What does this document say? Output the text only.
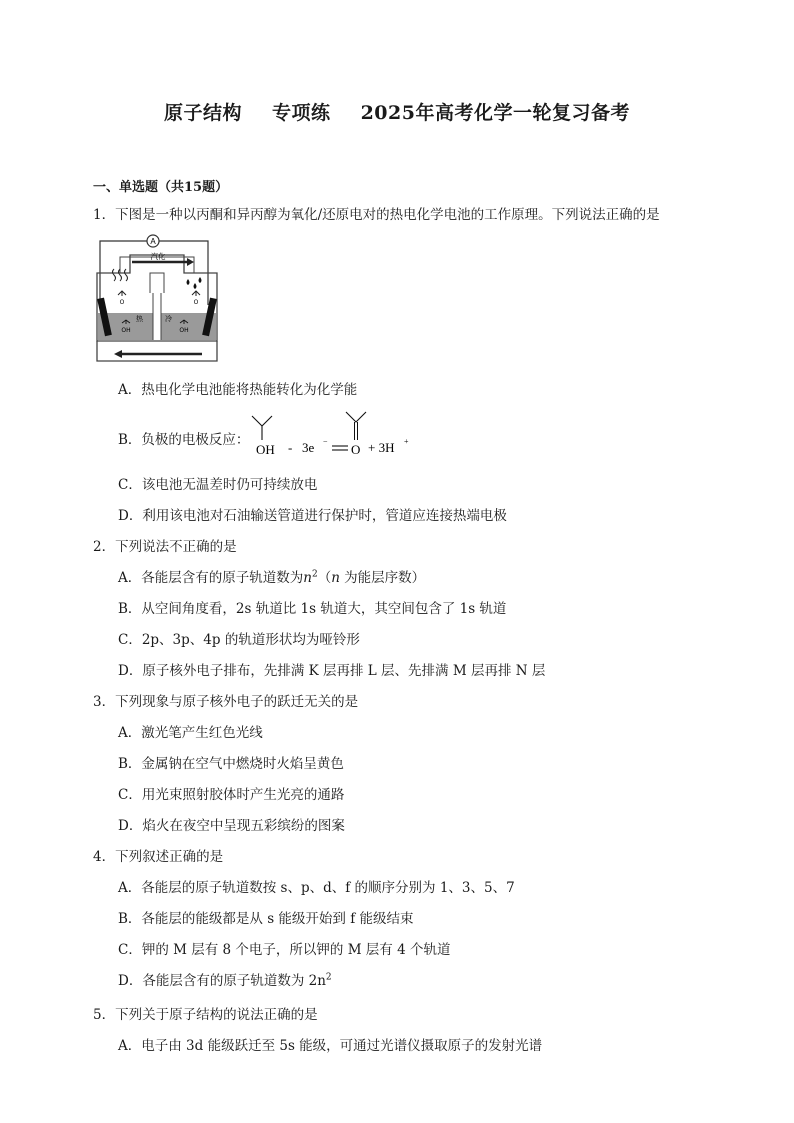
原子结构 专项练 2025年高考化学一轮复习备考
一、单选题（共15题）
1．下图是一种以丙酮和异丙醇为氧化/还原电对的热电化学电池的工作原理。下列说法正确的是
A
汽化
O	O
热	冷
OH	OH
A．热电化学电池能将热能转化为化学能
B．负极的电极反应：
OH - 3e −
O + 3H +
C．该电池无温差时仍可持续放电
D．利用该电池对石油输送管道进行保护时，管道应连接热端电极
2．下列说法不正确的是
A．各能层含有的原子轨道数为$n^2(n$ 为能层序数）
B．从空间角度看，2s 轨道比 1s 轨道大，其空间包含了 1s 轨道
C．2p、3p、4p 的轨道形状均为哑铃形
D．原子核外电子排布，先排满 K 层再排 L 层、先排满 M 层再排 N 层
3．下列现象与原子核外电子的跃迁无关的是
A．激光笔产生红色光线
B．金属钠在空气中燃烧时火焰呈黄色
C．用光束照射胶体时产生光亮的通路
D．焰火在夜空中呈现五彩缤纷的图案
4．下列叙述正确的是
A．各能层的原子轨道数按 s、p、d、f 的顺序分别为 1、3、5、7
B．各能层的能级都是从 s 能级开始到 f 能级结束
C．钾的 M 层有 8 个电子，所以钾的 M 层有 4 个轨道
D．各能层含有的原子轨道数为 $2n^2$
5．下列关于原子结构的说法正确的是
A．电子由 3d 能级跃迁至 5s 能级，可通过光谱仪摄取原子的发射光谱
